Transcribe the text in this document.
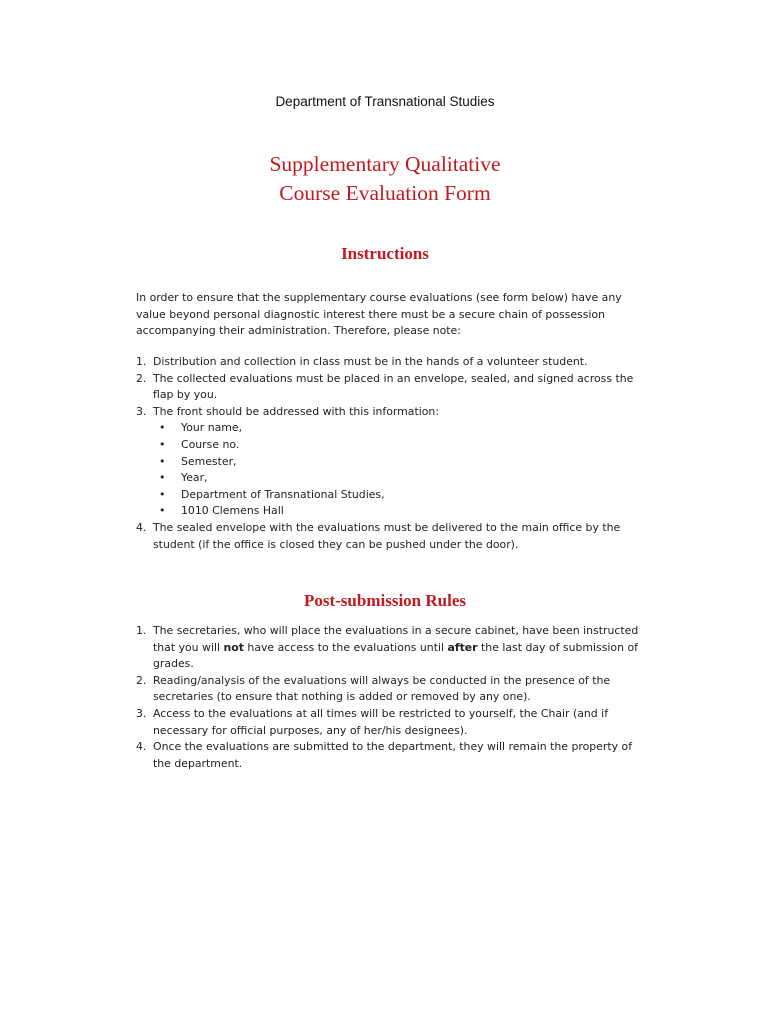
Department of Transnational Studies
Supplementary Qualitative
Course Evaluation Form
Instructions
In order to ensure that the supplementary course evaluations (see form below) have any value beyond personal diagnostic interest there must be a secure chain of possession accompanying their administration. Therefore, please note:
1. Distribution and collection in class must be in the hands of a volunteer student.
2. The collected evaluations must be placed in an envelope, sealed, and signed across the flap by you.
3. The front should be addressed with this information:
• Your name,
• Course no.
• Semester,
• Year,
• Department of Transnational Studies,
• 1010 Clemens Hall
4. The sealed envelope with the evaluations must be delivered to the main office by the student (if the office is closed they can be pushed under the door).
Post-submission Rules
1. The secretaries, who will place the evaluations in a secure cabinet, have been instructed that you will not have access to the evaluations until after the last day of submission of grades.
2. Reading/analysis of the evaluations will always be conducted in the presence of the secretaries (to ensure that nothing is added or removed by any one).
3. Access to the evaluations at all times will be restricted to yourself, the Chair (and if necessary for official purposes, any of her/his designees).
4. Once the evaluations are submitted to the department, they will remain the property of the department.
